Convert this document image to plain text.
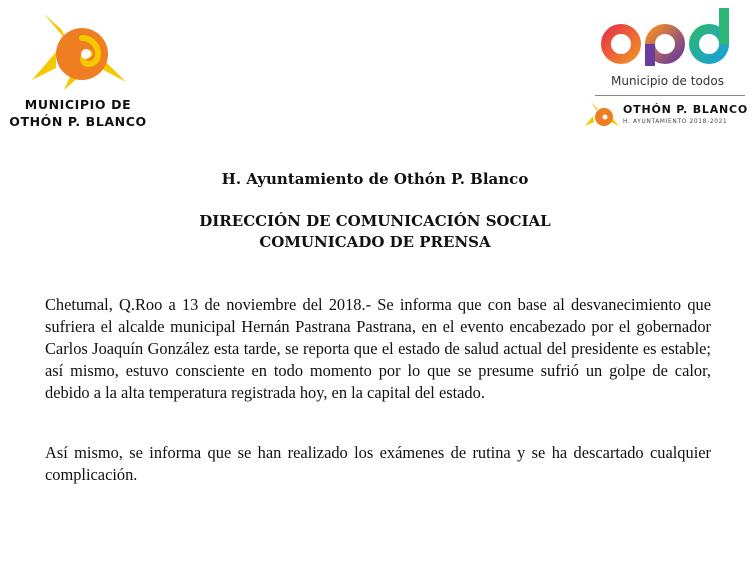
MUNICIPIO DE
OTHÓN P. BLANCO
Municipio de todos
OTHÓN P. BLANCO
H. AYUNTAMIENTO 2018-2021
H. Ayuntamiento de Othón P. Blanco
DIRECCIÓN DE COMUNICACIÓN SOCIAL
COMUNICADO DE PRENSA

Chetumal, Q.Roo a 13 de noviembre del 2018.- Se informa que con base al desvanecimiento que sufriera el alcalde municipal Hernán Pastrana Pastrana, en el evento encabezado por el gobernador Carlos Joaquín González esta tarde, se reporta que el estado de salud actual del presidente es estable; así mismo, estuvo consciente en todo momento por lo que se presume sufrió un golpe de calor, debido a la alta temperatura registrada hoy, en la capital del estado.

Así mismo, se informa que se han realizado los exámenes de rutina y se ha descartado cualquier complicación.
